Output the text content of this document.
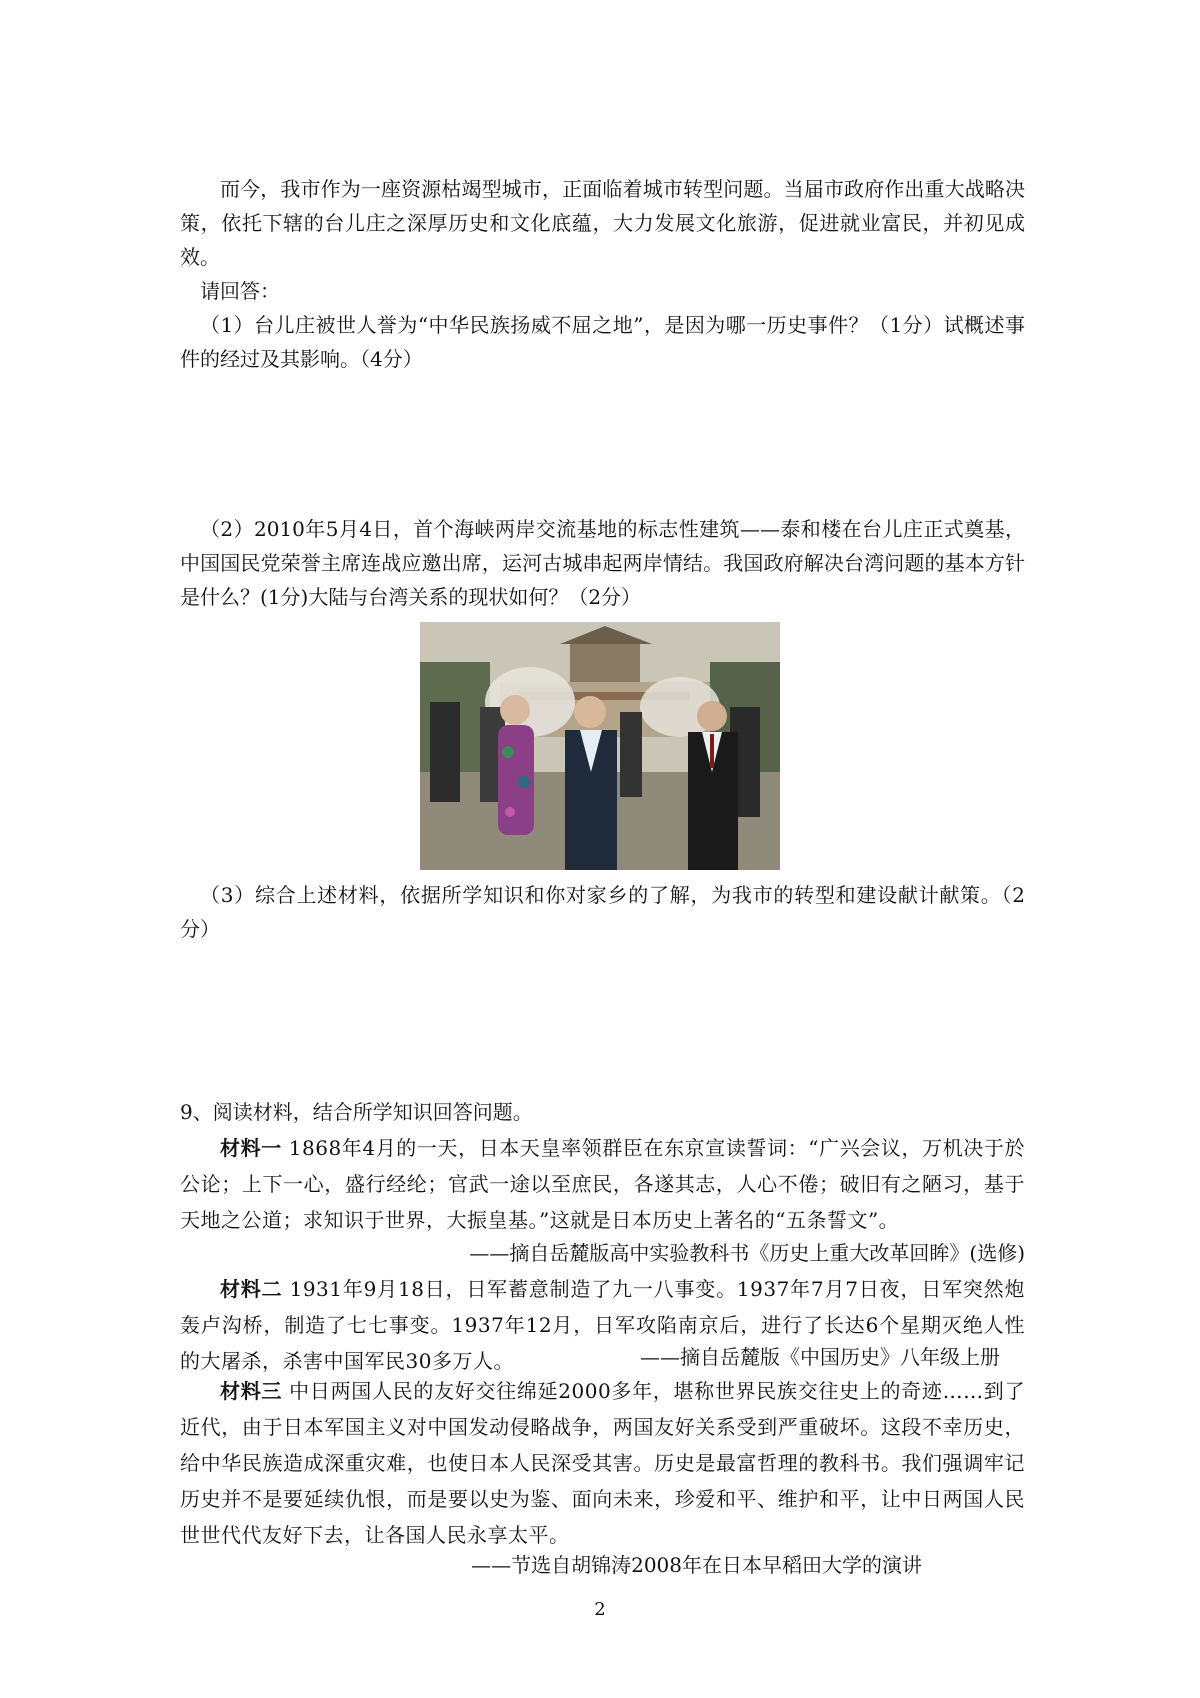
而今，我市作为一座资源枯竭型城市，正面临着城市转型问题。当届市政府作出重大战略决策，依托下辖的台儿庄之深厚历史和文化底蕴，大力发展文化旅游，促进就业富民，并初见成效。

请回答：

（1）台儿庄被世人誉为“中华民族扬威不屈之地”，是因为哪一历史事件？（1分）试概述事件的经过及其影响。（4分）

（2）2010年5月4日，首个海峡两岸交流基地的标志性建筑——泰和楼在台儿庄正式奠基，中国国民党荣誉主席连战应邀出席，运河古城串起两岸情结。我国政府解决台湾问题的基本方针是什么？(1分)大陆与台湾关系的现状如何？（2分）

（3）综合上述材料，依据所学知识和你对家乡的了解，为我市的转型和建设献计献策。（2分）

9、阅读材料，结合所学知识回答问题。

材料一 1868年4月的一天，日本天皇率领群臣在东京宣读誓词：“广兴会议，万机决于於公论；上下一心，盛行经纶；官武一途以至庶民，各遂其志，人心不倦；破旧有之陋习，基于天地之公道；求知识于世界，大振皇基。”这就是日本历史上著名的“五条誓文”。

——摘自岳麓版高中实验教科书《历史上重大改革回眸》(选修)

材料二 1931年9月18日，日军蓄意制造了九一八事变。1937年7月7日夜，日军突然炮轰卢沟桥，制造了七七事变。1937年12月，日军攻陷南京后，进行了长达6个星期灭绝人性的大屠杀，杀害中国军民30多万人。	——摘自岳麓版《中国历史》八年级上册

材料三 中日两国人民的友好交往绵延2000多年，堪称世界民族交往史上的奇迹……到了近代，由于日本军国主义对中国发动侵略战争，两国友好关系受到严重破坏。这段不幸历史，给中华民族造成深重灾难，也使日本人民深受其害。历史是最富哲理的教科书。我们强调牢记历史并不是要延续仇恨，而是要以史为鉴、面向未来，珍爱和平、维护和平，让中日两国人民世世代代友好下去，让各国人民永享太平。

——节选自胡锦涛2008年在日本早稻田大学的演讲

2
